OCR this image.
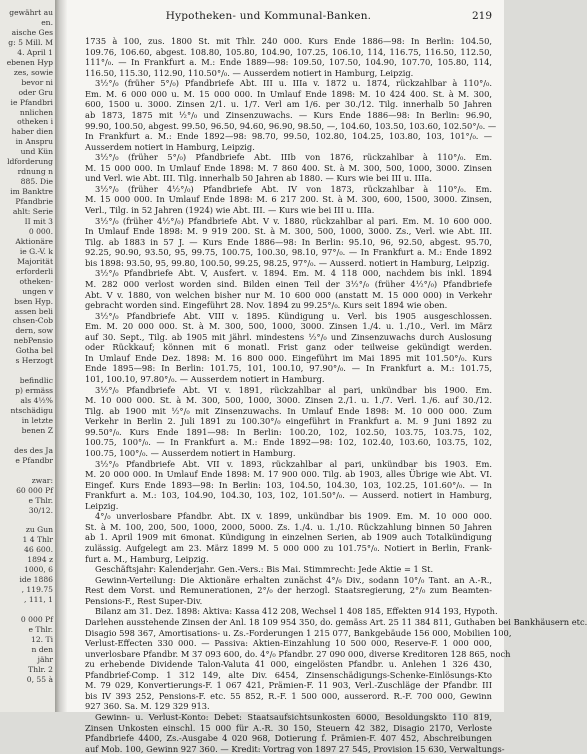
gewährt au
en.
aische Ges
g: 5 Mill. M
4. April 1
ebenen Hyp
zes, sowie
bevor ni
oder Gru
ie Pfandbri
nnlichen
otheken i
haber dien
in Anspru
und Kün
ldforderung
rdnung n
885. Die
im Banktre
Pfandbrie
ahlt: Serie
II mit 3
0 000.
Aktionäre
ie G.-V. k
Majorität
erforderli
otheken-
ungen v
bsen Hyp.
assen beli
chsen-Cob
dern, sow
nebPensio
Gotha bel
s Herzogt
befindlic
p) ermäss
als 4½%
ntschädigu
in letzte
benen Z
des des Ja
e Pfandbr
zwar:
60 000 Pf
e Thlr.
30/12.
zu Gun
1 4 Thlr
46 600.
1894 z
1000, 6
ide 1886
, 119.75
, 111, 1
0 000 Pf
e Thlr.
12. Ti
n den
jähr
Thlr. 2
0, 55 à
Hypotheken- und Kommunal-Banken.	219
1735 à 100, zus. 1800 St. mit Thlr. 240 000. Kurs Ende 1886—98: In Berlin: 104.50,
109.76, 106.60, abgest. 108.80, 105.80, 104.90, 107.25, 106.10, 114, 116.75, 116.50, 112.50,
111°/₀. — In Frankfurt a. M.: Ende 1889—98: 109.50, 107.50, 104.90, 107.70, 105.80, 114,
116.50, 115.30, 112.90, 110.50°/₀. — Ausserdem notiert in Hamburg, Leipzig.
3½°/₀ (früher 5°/₀) Pfandbriefe Abt. III u. IIIa v. 1872 u. 1874, rückzahlbar à 110°/₀.
Em. M. 6 000 000 u. M. 15 000 000. In Umlauf Ende 1898: M. 10 424 400. St. à M. 300,
600, 1500 u. 3000. Zinsen 2/1. u. 1/7. Verl am 1/6. per 30./12. Tilg. innerhalb 50 Jahren
ab 1873, 1875 mit ½°/₀ und Zinsenzuwachs. — Kurs Ende 1886—98: In Berlin: 96.90,
99.90, 100.50, abgest. 99.50, 96.50, 94.60, 96.90, 98.50, —, 104.60, 103.50, 103.60, 102.50°/₀. —
In Frankfurt a. M.: Ende 1892—98: 98.70, 99.50, 102.80, 104.25, 103.80, 103, 101°/₀. —
Ausserdem notiert in Hamburg, Leipzig.
3½°/₀ (früher 5°/₀) Pfandbriefe Abt. IIIb von 1876, rückzahlbar à 110°/₀. Em.
M. 15 000 000. In Umlauf Ende 1898: M. 7 860 400. St. à M. 300, 500, 1000, 3000. Zinsen
und Verl. wie Abt. III. Tilg. innerhalb 50 Jahren ab 1880. — Kurs wie bei III u. IIIa.
3½°/₀ (früher 4½°/₀) Pfandbriefe Abt. IV von 1873, rückzahlbar à 110°/₀. Em.
M. 15 000 000. In Umlauf Ende 1898: M. 6 217 200. St. à M. 300, 600, 1500, 3000. Zinsen,
Verl., Tilg. in 52 Jahren (1924) wie Abt. III. — Kurs wie bei III u. IIIa.
3½°/₀ (früher 4½°/₀) Pfandbriefe Abt. V v. 1880, rückzahlbar al pari. Em. M. 10 600 000.
In Umlauf Ende 1898: M. 9 919 200. St. à M. 300, 500, 1000, 3000. Zs., Verl. wie Abt. III.
Tilg. ab 1883 in 57 J. — Kurs Ende 1886—98: In Berlin: 95.10, 96, 92.50, abgest. 95.70,
92.25, 90.90, 93.50, 95, 99.75, 100.75, 100.30, 98.10, 97°/₀. — In Frankfurt a. M.: Ende 1892
bis 1898: 93.50, 95, 99.80, 100.50, 99.25, 98.25, 97°/₀. — Ausserd. notiert in Hamburg, Leipzig.
3½°/₀ Pfandbriefe Abt. V, Ausfert. v. 1894. Em. M. 4 118 000, nachdem bis inkl. 1894
M. 282 000 verlost worden sind. Bilden einen Teil der 3½°/₀ (früher 4½°/₀) Pfandbriefe
Abt. V v. 1880, von welchen bisher nur M. 10 600 000 (anstatt M. 15 000 000) in Verkehr
gebracht worden sind. Eingeführt 28. Nov. 1894 zu 99.25°/₀. Kurs seit 1894 wie oben.
3½°/₀ Pfandbriefe Abt. VIII v. 1895. Kündigung u. Verl. bis 1905 ausgeschlossen.
Em. M. 20 000 000. St. à M. 300, 500, 1000, 3000. Zinsen 1./4. u. 1./10., Verl. im März
auf 30. Sept., Tilg. ab 1905 mit jährl. mindestens ½°/₀ und Zinsenzuwachs durch Auslosung
oder Rückkauf; können mit 6 monatl. Frist ganz oder teilweise gekündigt werden.
In Umlauf Ende Dez. 1898: M. 16 800 000. Eingeführt im Mai 1895 mit 101.50°/₀. Kurs
Ende 1895—98: In Berlin: 101.75, 101, 100.10, 97.90°/₀. — In Frankfurt a. M.: 101.75,
101, 100.10, 97.80°/₀. — Ausserdem notiert in Hamburg.
3½°/₀ Pfandbriefe Abt. VI v. 1891, rückzahlbar al pari, unkündbar bis 1900. Em.
M. 10 000 000. St. à M. 300, 500, 1000, 3000. Zinsen 2./1. u. 1./7. Verl. 1./6. auf 30./12.
Tilg. ab 1900 mit ½°/₀ mit Zinsenzuwachs. In Umlauf Ende 1898: M. 10 000 000. Zum
Verkehr in Berlin 2. Juli 1891 zu 100.30°/₀ eingeführt in Frankfurt a. M. 9 Juni 1892 zu
99.50°/₀. Kurs Ende 1891—98: In Berlin: 100.20, 102, 102.50, 103.75, 103.75, 102,
100.75, 100°/₀. — In Frankfurt a. M.: Ende 1892—98: 102, 102.40, 103.60, 103.75, 102,
100.75, 100°/₀. — Ausserdem notiert in Hamburg.
3½°/₀ Pfandbriefe Abt. VII v. 1893, rückzahlbar al pari, unkündbar bis 1903. Em.
M. 20 000 000. In Umlauf Ende 1898: M. 17 900 000. Tilg. ab 1903, alles Übrige wie Abt. VI.
Eingef. Kurs Ende 1893—98: In Berlin: 103, 104.50, 104.30, 103, 102.25, 101.60°/₀. — In
Frankfurt a. M.: 103, 104.90, 104.30, 103, 102, 101.50°/₀. — Ausserd. notiert in Hamburg,
Leipzig.
4°/₀ unverlosbare Pfandbr. Abt. IX v. 1899, unkündbar bis 1909. Em. M. 10 000 000.
St. à M. 100, 200, 500, 1000, 2000, 5000. Zs. 1./4. u. 1./10. Rückzahlung binnen 50 Jahren
ab 1. April 1909 mit 6monat. Kündigung in einzelnen Serien, ab 1909 auch Totalkündigung
zulässig. Aufgelegt am 23. März 1899 M. 5 000 000 zu 101.75°/₀. Notiert in Berlin, Frank-
furt a. M., Hamburg, Leipzig.
Geschäftsjahr: Kalenderjahr. Gen.-Vers.: Bis Mai. Stimmrecht: Jede Aktie = 1 St.
Gewinn-Verteilung: Die Aktionäre erhalten zunächst 4°/₀ Div., sodann 10°/₀ Tant. an A.-R.,
Rest dem Vorst. und Remunerationen, 2°/₀ der herzogl. Staatsregierung, 2°/₀ zum Beamten-
Pensions-F., Rest Super-Div.
Bilanz am 31. Dez. 1898: Aktiva: Kassa 412 208, Wechsel 1 408 185, Effekten 914 193, Hypoth.
Darlehen ausstehende Zinsen der Anl. 18 109 954 350, do. gemäss Art. 25 11 384 811, Guthaben bei Bankhäusern etc.
Disagio 598 367, Amortisations- u. Zs.-Forderungen 1 215 077, Bankgebäude 156 000, Mobilien 100,
Verlust-Effecten 330 000. — Passiva: Aktien-Einzahlung 10 500 000, Reserve-F. 1 000 000,
unverlosbare Pfandbr. M 37 093 600, do. 4°/₀ Pfandbr. 27 090 000, diverse Kreditoren 128 865, noch
zu erhebende Dividende Talon-Valuta 41 000, eingelösten Pfandbr. u. Anlehen 1 326 430,
Pfandbrief-Comp. 1 312 149, alte Div. 6454, Zinsenschädigungs-Schenke-Einlösungs-Kto
M. 79 029, Konvertierungs-F. 1 067 421, Prämien-F. 11 903, Verl.-Zuschläge der Pfandbr. III
bis IV 393 252, Pensions-F. etc. 55 852, R.-F. 1 500 000, ausserord. R.-F. 700 000, Gewinn
927 360. Sa. M. 129 329 913.
Gewinn- u. Verlust-Konto: Debet: Staatsaufsichtsunkosten 6000, Besoldungskto 110 819,
Zinsen Unkosten einschl. 15 000 für A.-R. 30 150, Steuern 42 382, Disagio 2170, Verloste
Pfandbriefe 4400, Zs.-Ausgabe 4 020 968, Dotierung f. Prämien-F. 407 452, Abschreibungen
auf Mob. 100, Gewinn 927 360. — Kredit: Vortrag von 1897 27 545, Provision 15 630, Verwaltungs-
